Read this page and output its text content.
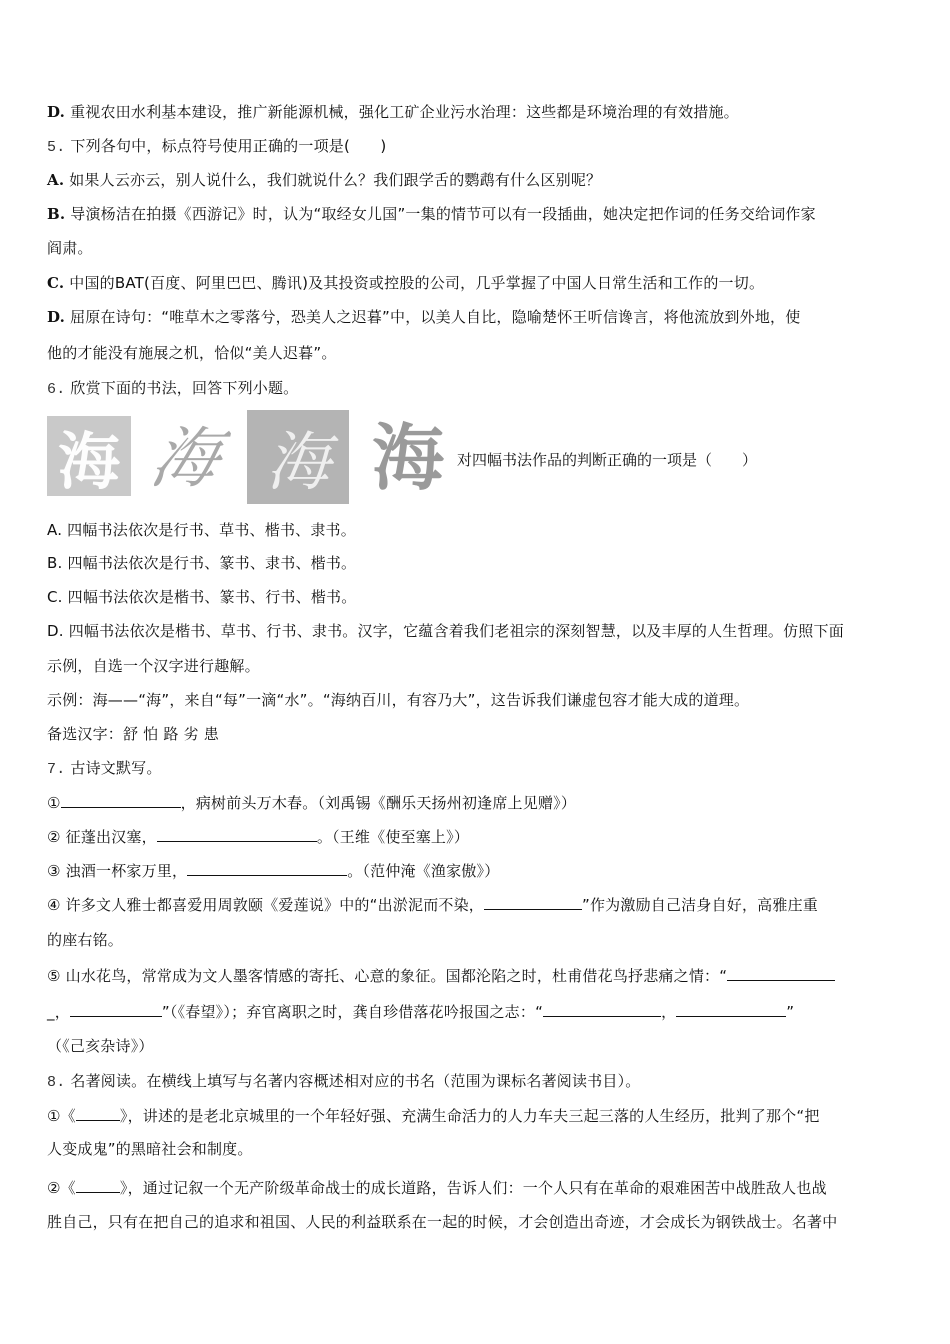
D. 重视农田水利基本建设，推广新能源机械，强化工矿企业污水治理：这些都是环境治理的有效措施。
5. 下列各句中，标点符号使用正确的一项是(　　)
A. 如果人云亦云，别人说什么，我们就说什么？我们跟学舌的鹦鹉有什么区别呢？
B. 导演杨洁在拍摄《西游记》时，认为“取经女儿国”一集的情节可以有一段插曲，她决定把作词的任务交给词作家
阎肃。
C. 中国的BAT(百度、阿里巴巴、腾讯)及其投资或控股的公司，几乎掌握了中国人日常生活和工作的一切。
D. 屈原在诗句：“唯草木之零落兮，恐美人之迟暮”中，以美人自比，隐喻楚怀王听信谗言，将他流放到外地，使
他的才能没有施展之机，恰似“美人迟暮”。
6. 欣赏下面的书法，回答下列小题。
海 海 海 海 对四幅书法作品的判断正确的一项是（　　）
A. 四幅书法依次是行书、草书、楷书、隶书。
B. 四幅书法依次是行书、篆书、隶书、楷书。
C. 四幅书法依次是楷书、篆书、行书、楷书。
D. 四幅书法依次是楷书、草书、行书、隶书。汉字，它蕴含着我们老祖宗的深刻智慧，以及丰厚的人生哲理。仿照下面
示例，自选一个汉字进行趣解。
示例：海——“海”，来自“每”一滴“水”。“海纳百川，有容乃大”，这告诉我们谦虚包容才能大成的道理。
备选汉字：舒 怕 路 劣 患
7. 古诗文默写。
①	，病树前头万木春。（刘禹锡《酬乐天扬州初逢席上见赠》）
② 征蓬出汉塞，	。（王维《使至塞上》）
③ 浊酒一杯家万里，	。（范仲淹《渔家傲》）
④ 许多文人雅士都喜爱用周敦颐《爱莲说》中的“出淤泥而不染，	”作为激励自己洁身自好，高雅庄重
的座右铭。
⑤ 山水花鸟，常常成为文人墨客情感的寄托、心意的象征。国都沦陷之时，杜甫借花鸟抒悲痛之情：“
_，	”（《春望》）；弃官离职之时，龚自珍借落花吟报国之志：“	，	”
（《己亥杂诗》）
8. 名著阅读。在横线上填写与名著内容概述相对应的书名（范围为课标名著阅读书目）。
①《	》，讲述的是老北京城里的一个年轻好强、充满生命活力的人力车夫三起三落的人生经历，批判了那个“把
人变成鬼”的黑暗社会和制度。
②《	》，通过记叙一个无产阶级革命战士的成长道路，告诉人们：一个人只有在革命的艰难困苦中战胜敌人也战
胜自己，只有在把自己的追求和祖国、人民的利益联系在一起的时候，才会创造出奇迹，才会成长为钢铁战士。名著中
